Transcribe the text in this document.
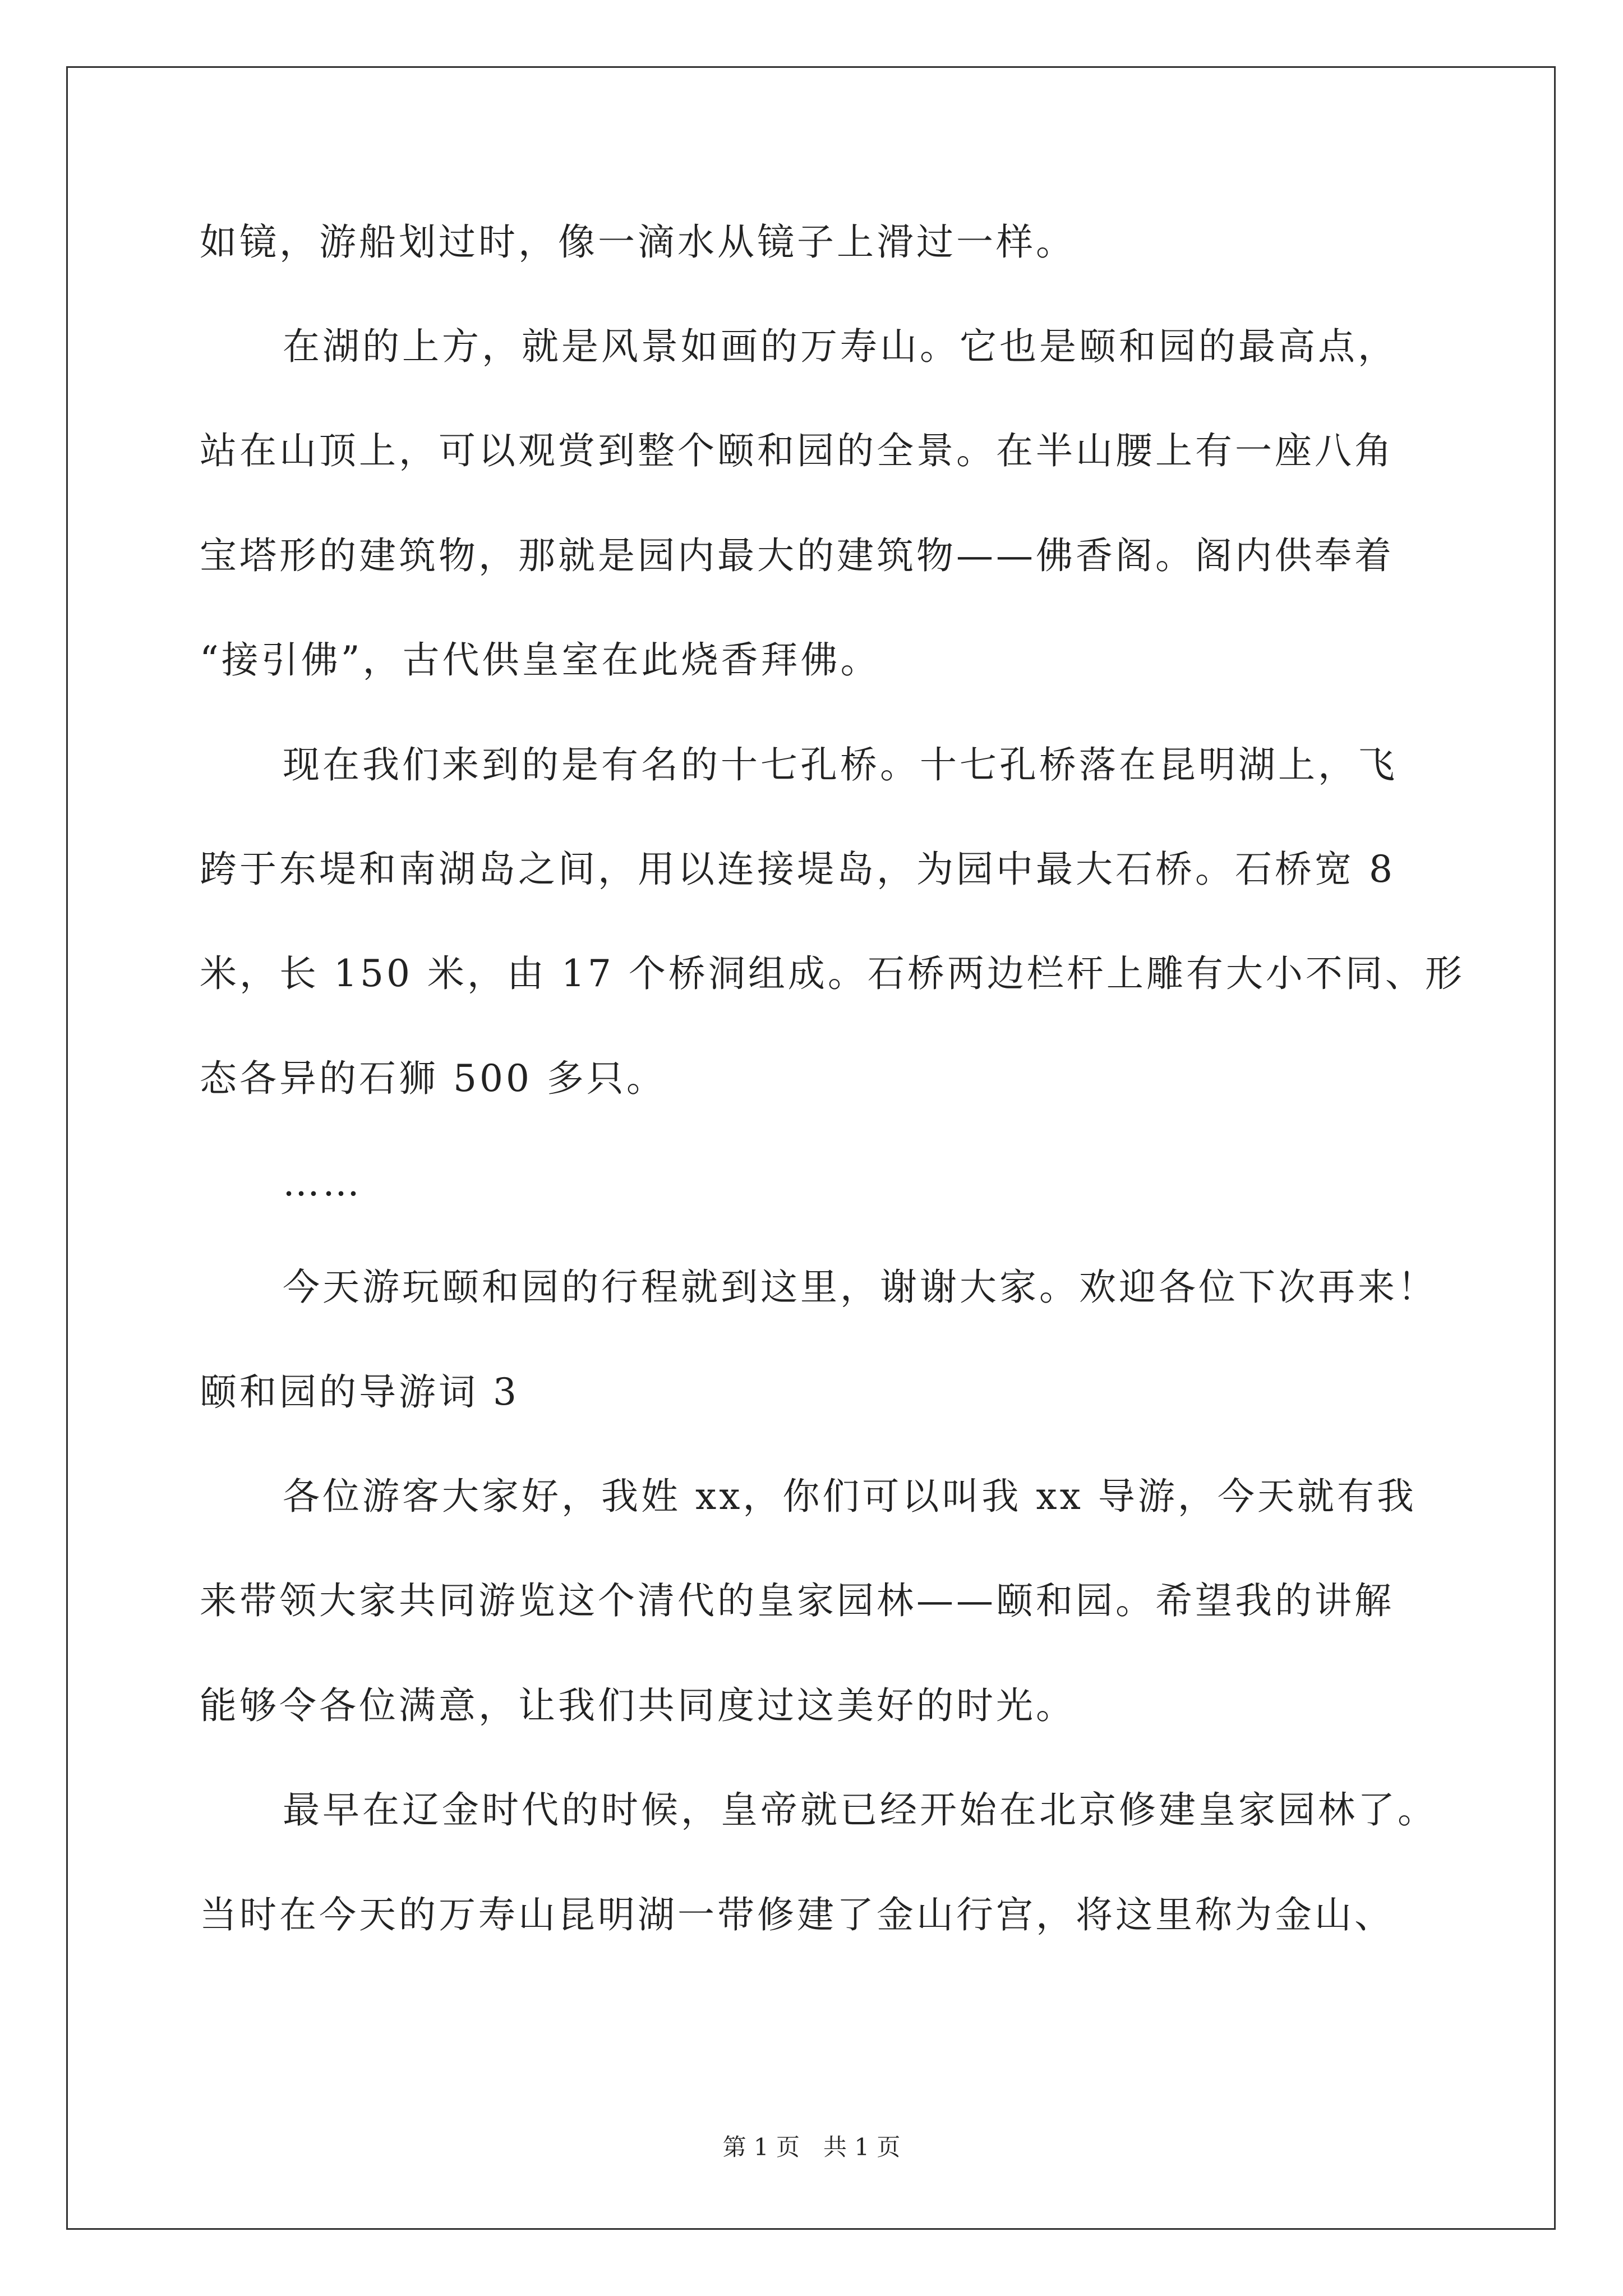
如镜，游船划过时，像一滴水从镜子上滑过一样。
在湖的上方，就是风景如画的万寿山。它也是颐和园的最高点，
站在山顶上，可以观赏到整个颐和园的全景。在半山腰上有一座八角
宝塔形的建筑物，那就是园内最大的建筑物——佛香阁。阁内供奉着
“接引佛”，古代供皇室在此烧香拜佛。
现在我们来到的是有名的十七孔桥。十七孔桥落在昆明湖上，飞
跨于东堤和南湖岛之间，用以连接堤岛，为园中最大石桥。石桥宽 8
米，长 150 米，由 17 个桥洞组成。石桥两边栏杆上雕有大小不同、形
态各异的石狮 500 多只。
……
今天游玩颐和园的行程就到这里，谢谢大家。欢迎各位下次再来！
颐和园的导游词 3
各位游客大家好，我姓 xx，你们可以叫我 xx 导游，今天就有我
来带领大家共同游览这个清代的皇家园林——颐和园。希望我的讲解
能够令各位满意，让我们共同度过这美好的时光。
最早在辽金时代的时候，皇帝就已经开始在北京修建皇家园林了。
当时在今天的万寿山昆明湖一带修建了金山行宫，将这里称为金山、
第 1 页　共 1 页
